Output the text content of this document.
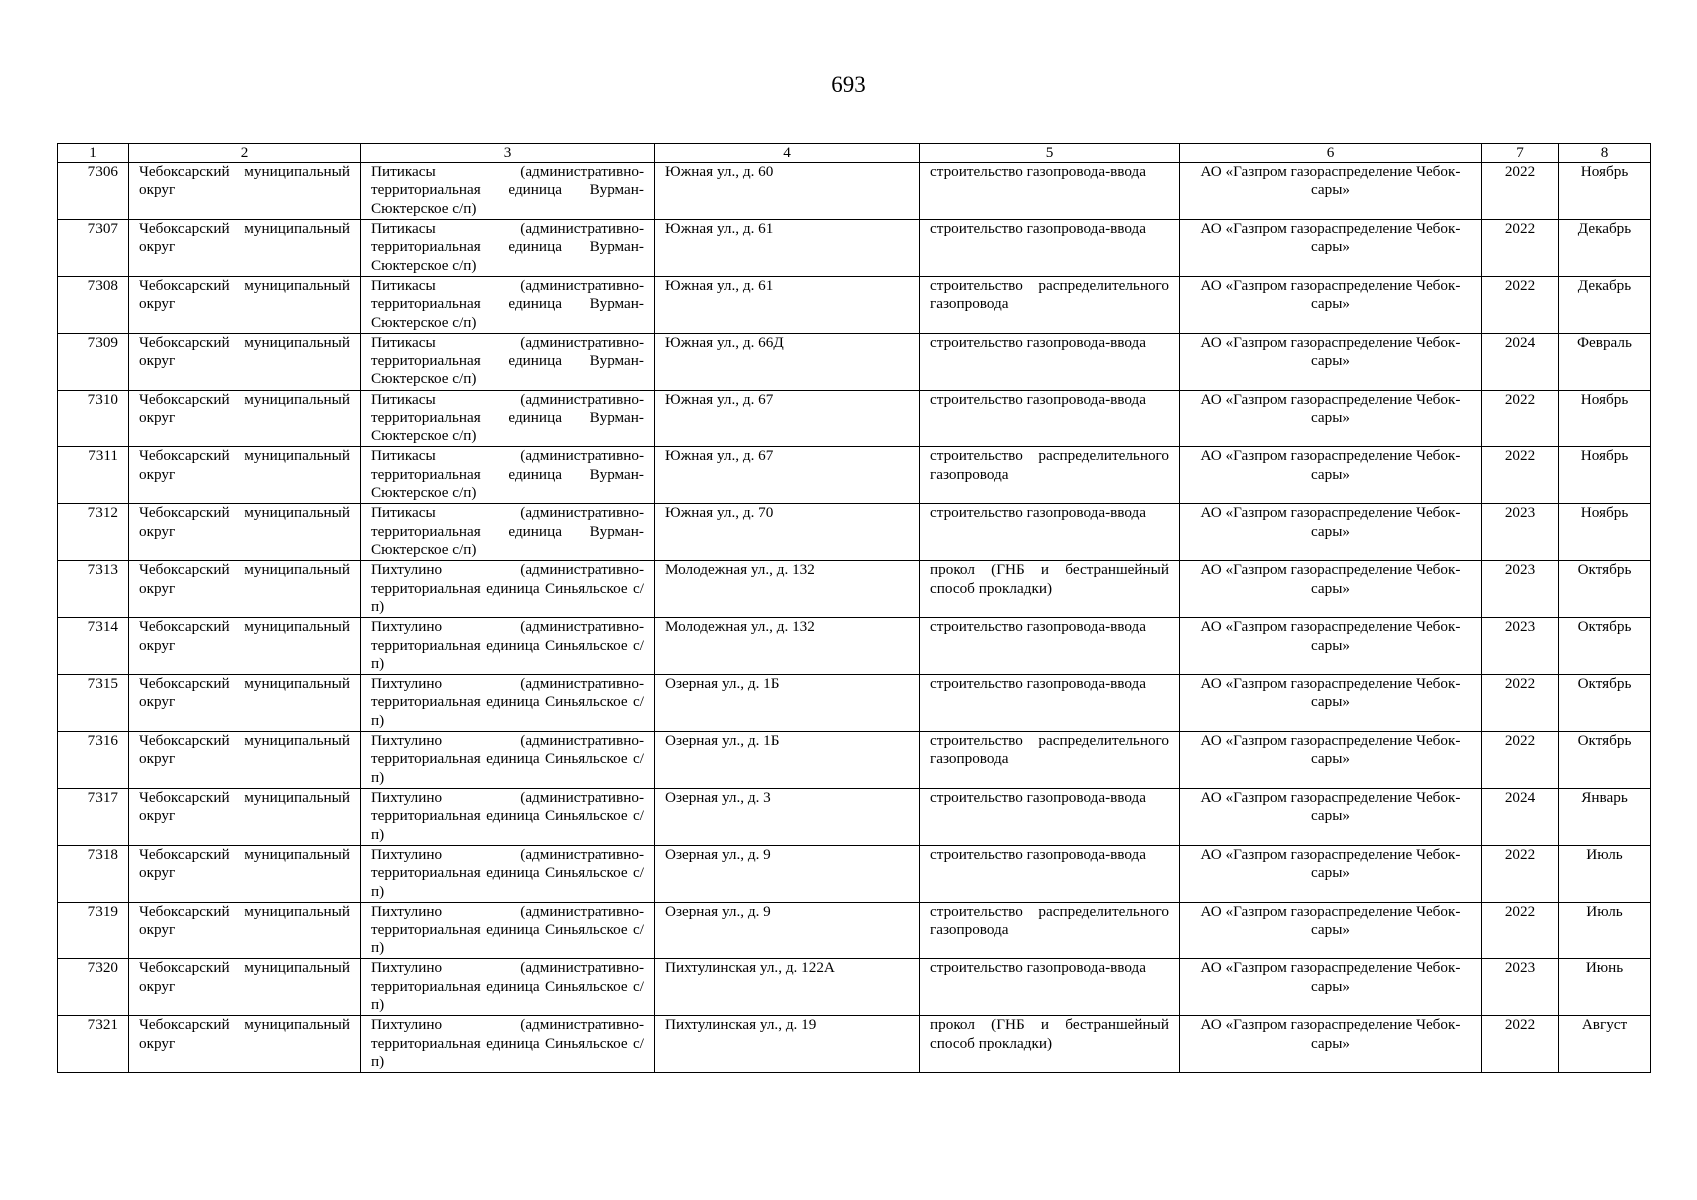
693
1	2	3	4	5	6	7	8
7306	Чебоксарский муниципальный округ	Питикасы (административно-территориальная единица Вурман-Сюктерское с/п)	Южная ул., д. 60	строительство газопровода-ввода	АО «Газпром газораспределение Чебоксары»	2022	Ноябрь
7307	Чебоксарский муниципальный округ	Питикасы (административно-территориальная единица Вурман-Сюктерское с/п)	Южная ул., д. 61	строительство газопровода-ввода	АО «Газпром газораспределение Чебоксары»	2022	Декабрь
7308	Чебоксарский муниципальный округ	Питикасы (административно-территориальная единица Вурман-Сюктерское с/п)	Южная ул., д. 61	строительство распределительного газопровода	АО «Газпром газораспределение Чебоксары»	2022	Декабрь
7309	Чебоксарский муниципальный округ	Питикасы (административно-территориальная единица Вурман-Сюктерское с/п)	Южная ул., д. 66Д	строительство газопровода-ввода	АО «Газпром газораспределение Чебоксары»	2024	Февраль
7310	Чебоксарский муниципальный округ	Питикасы (административно-территориальная единица Вурман-Сюктерское с/п)	Южная ул., д. 67	строительство газопровода-ввода	АО «Газпром газораспределение Чебоксары»	2022	Ноябрь
7311	Чебоксарский муниципальный округ	Питикасы (административно-территориальная единица Вурман-Сюктерское с/п)	Южная ул., д. 67	строительство распределительного газопровода	АО «Газпром газораспределение Чебоксары»	2022	Ноябрь
7312	Чебоксарский муниципальный округ	Питикасы (административно-территориальная единица Вурман-Сюктерское с/п)	Южная ул., д. 70	строительство газопровода-ввода	АО «Газпром газораспределение Чебоксары»	2023	Ноябрь
7313	Чебоксарский муниципальный округ	Пихтулино (административно-территориальная единица Синьяльское с/п)	Молодежная ул., д. 132	прокол (ГНБ и бестраншейный способ прокладки)	АО «Газпром газораспределение Чебоксары»	2023	Октябрь
7314	Чебоксарский муниципальный округ	Пихтулино (административно-территориальная единица Синьяльское с/п)	Молодежная ул., д. 132	строительство газопровода-ввода	АО «Газпром газораспределение Чебоксары»	2023	Октябрь
7315	Чебоксарский муниципальный округ	Пихтулино (административно-территориальная единица Синьяльское с/п)	Озерная ул., д. 1Б	строительство газопровода-ввода	АО «Газпром газораспределение Чебоксары»	2022	Октябрь
7316	Чебоксарский муниципальный округ	Пихтулино (административно-территориальная единица Синьяльское с/п)	Озерная ул., д. 1Б	строительство распределительного газопровода	АО «Газпром газораспределение Чебоксары»	2022	Октябрь
7317	Чебоксарский муниципальный округ	Пихтулино (административно-территориальная единица Синьяльское с/п)	Озерная ул., д. 3	строительство газопровода-ввода	АО «Газпром газораспределение Чебоксары»	2024	Январь
7318	Чебоксарский муниципальный округ	Пихтулино (административно-территориальная единица Синьяльское с/п)	Озерная ул., д. 9	строительство газопровода-ввода	АО «Газпром газораспределение Чебоксары»	2022	Июль
7319	Чебоксарский муниципальный округ	Пихтулино (административно-территориальная единица Синьяльское с/п)	Озерная ул., д. 9	строительство распределительного газопровода	АО «Газпром газораспределение Чебоксары»	2022	Июль
7320	Чебоксарский муниципальный округ	Пихтулино (административно-территориальная единица Синьяльское с/п)	Пихтулинская ул., д. 122А	строительство газопровода-ввода	АО «Газпром газораспределение Чебоксары»	2023	Июнь
7321	Чебоксарский муниципальный округ	Пихтулино (административно-территориальная единица Синьяльское с/п)	Пихтулинская ул., д. 19	прокол (ГНБ и бестраншейный способ прокладки)	АО «Газпром газораспределение Чебоксары»	2022	Август
